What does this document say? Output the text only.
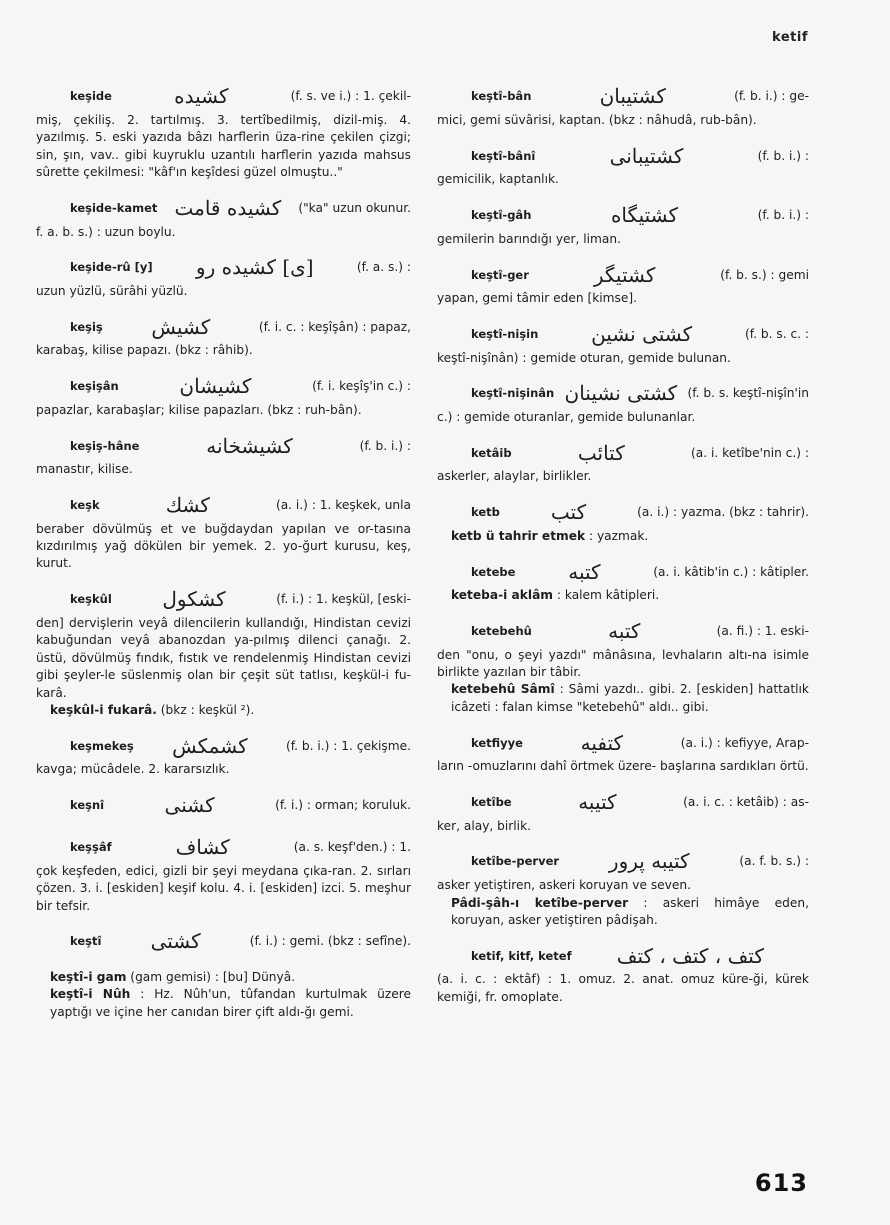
ketif
keşide	كشيده	(f. s. ve i.) : 1. çekil-
miş, çekiliş. 2. tartılmış. 3. tertîbedilmiş, dizil-miş. 4. yazılmış. 5. eski yazıda bâzı harflerin üza-rine çekilen çizgi; sin, şın, vav.. gibi kuyruklu uzantılı harflerin yazıda mahsus sûrette çekilmesi: "kâf'ın keşîdesi güzel olmuştu.."
keşide-kamet كشيده قامت	("ka" uzun okunur.
f. a. b. s.) : uzun boylu.
keşide-rû [y]	[ى] كشيده رو	(f. a. s.) :
uzun yüzlü, sürâhi yüzlü.
keşiş	كشيش	(f. i. c. : keşîşân) : papaz,
karabaş, kilise papazı. (bkz : râhib).
keşişân	كشيشان	(f. i. keşîş'in c.) :
papazlar, karabaşlar; kilise papazları. (bkz : ruh-bân).
keşiş-hâne	كشيشخانه	(f. b. i.) :
manastır, kilise.
keşk	كشك	(a. i.) : 1. keşkek, unla
beraber dövülmüş et ve buğdaydan yapılan ve or-tasına kızdırılmış yağ dökülen bir yemek. 2. yo-ğurt kurusu, keş, kurut.
keşkûl	كشكول	(f. i.) : 1. keşkül, [eski-
den] dervişlerin veyâ dilencilerin kullandığı, Hindistan cevizi kabuğundan veyâ abanozdan ya-pılmış dilenci çanağı. 2. üstü, dövülmüş fındık, fıstık ve rendelenmiş Hindistan cevizi gibi şeyler-le süslenmiş olan bir çeşit süt tatlısı, keşkül-i fu-karâ.
keşkûl-i fukarâ. (bkz : keşkül ²).
keşmekeş	كشمكش	(f. b. i.) : 1. çekişme.
kavga; mücâdele. 2. kararsızlık.
keşnî	كشنى	(f. i.) : orman; koruluk.
keşşâf	كشاف	(a. s. keşf'den.) : 1.
çok keşfeden, edici, gizli bir şeyi meydana çıka-ran. 2. sırları çözen. 3. i. [eskiden] keşif kolu. 4. i. [eskiden] izci. 5. meşhur bir tefsir.
keştî	كشتى	(f. i.) : gemi. (bkz : sefîne).
keştî-i gam (gam gemisi) : [bu] Dünyâ.
keştî-i Nûh : Hz. Nûh'un, tûfandan kurtulmak üzere yaptığı ve içine her canıdan birer çift aldı-ğı gemi.
keştî-bân	كشتيبان	(f. b. i.) : ge-
mici, gemi süvârisi, kaptan. (bkz : nâhudâ, rub-bân).
keştî-bânî	كشتيبانى	(f. b. i.) :
gemicilik, kaptanlık.
keştî-gâh	كشتيگاه	(f. b. i.) :
gemilerin barındığı yer, liman.
keştî-ger	كشتيگر	(f. b. s.) : gemi
yapan, gemi tâmir eden [kimse].
keştî-nişin	كشتى نشين	(f. b. s. c. :
keştî-nişînân) : gemide oturan, gemide bulunan.
keştî-nişinân كشتى نشينان (f. b. s. keştî-nişîn'in
c.) : gemide oturanlar, gemide bulunanlar.
ketâib	كتائب	(a. i. ketîbe'nin c.) :
askerler, alaylar, birlikler.
ketb	كتب	(a. i.) : yazma. (bkz : tahrir).
ketb ü tahrir etmek : yazmak.
ketebe	كتبه	(a. i. kâtib'in c.) : kâtipler.
keteba-i aklâm : kalem kâtipleri.
ketebehû	كتبه	(a. fi.) : 1. eski-
den "onu, o şeyi yazdı" mânâsına, levhaların altı-na isimle birlikte yazılan bir tâbir.
ketebehû Sâmî : Sâmi yazdı.. gibi. 2. [eskiden] hattatlık icâzeti : falan kimse "ketebehû" aldı.. gibi.
ketfiyye	كتفيه	(a. i.) : kefiyye, Arap-
ların -omuzlarını dahî örtmek üzere- başlarına sardıkları örtü.
ketîbe	كتيبه	(a. i. c. : ketâib) : as-
ker, alay, birlik.
ketîbe-perver	كتيبه پرور	(a. f. b. s.) :
asker yetiştiren, askeri koruyan ve seven.
Pâdi-şâh-ı ketîbe-perver : askeri himâye eden, koruyan, asker yetiştiren pâdişah.
ketif, kitf, ketef	كتف ، كتف ، كتف
(a. i. c. : ektâf) : 1. omuz. 2. anat. omuz küre-ği, kürek kemiği, fr. omoplate.
613
